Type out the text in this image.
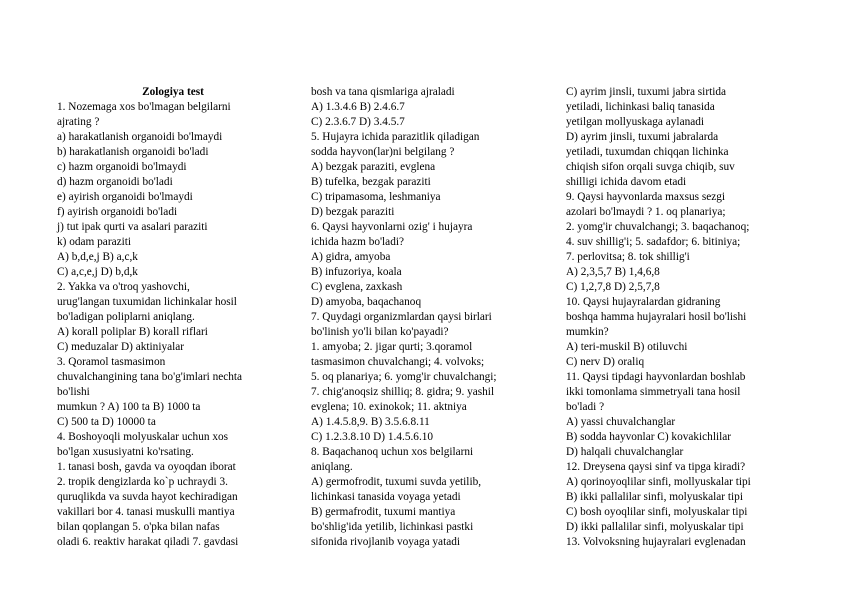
Zologiya test
1. Nozemaga xos bo'lmagan belgilarni
ajrating ?
a) harakatlanish organoidi bo'lmaydi
b) harakatlanish organoidi bo'ladi
c) hazm organoidi bo'lmaydi
d) hazm organoidi bo'ladi
e) ayirish organoidi bo'lmaydi
f) ayirish organoidi bo'ladi
j) tut ipak qurti va asalari paraziti
k) odam paraziti
A) b,d,e,j B) a,c,k
C) a,c,e,j D) b,d,k
2. Yakka va o'troq yashovchi,
urug'langan tuxumidan lichinkalar hosil
bo'ladigan poliplarni aniqlang.
A) korall poliplar B) korall riflari
C) meduzalar D) aktiniyalar
3. Qoramol tasmasimon
chuvalchangining tana bo'g'imlari nechta
bo'lishi
mumkun ? A) 100 ta B) 1000 ta
C) 500 ta D) 10000 ta
4. Boshoyoqli molyuskalar uchun xos
bo'lgan xususiyatni ko'rsating.
1. tanasi bosh, gavda va oyoqdan iborat
2. tropik dengizlarda ko`p uchraydi 3.
quruqlikda va suvda hayot kechiradigan
vakillari bor 4. tanasi muskulli mantiya
bilan qoplangan 5. o'pka bilan nafas
oladi 6. reaktiv harakat qiladi 7. gavdasi
bosh va tana qismlariga ajraladi
A) 1.3.4.6 B) 2.4.6.7
C) 2.3.6.7 D) 3.4.5.7
5. Hujayra ichida parazitlik qiladigan
sodda hayvon(lar)ni belgilang ?
A) bezgak paraziti, evglena
B) tufelka, bezgak paraziti
C) tripamasoma, leshmaniya
D) bezgak paraziti
6. Qaysi hayvonlarni ozig' i hujayra
ichida hazm bo'ladi?
A) gidra, amyoba
B) infuzoriya, koala
C) evglena, zaxkash
D) amyoba, baqachanoq
7. Quydagi organizmlardan qaysi birlari
bo'linish yo'li bilan ko'payadi?
1. amyoba; 2. jigar qurti; 3.qoramol
tasmasimon chuvalchangi; 4. volvoks;
5. oq planariya; 6. yomg'ir chuvalchangi;
7. chig'anoqsiz shilliq; 8. gidra; 9. yashil
evglena; 10. exinokok; 11. aktniya
A) 1.4.5.8,9. B) 3.5.6.8.11
C) 1.2.3.8.10 D) 1.4.5.6.10
8. Baqachanoq uchun xos belgilarni
aniqlang.
A) germofrodit, tuxumi suvda yetilib,
lichinkasi tanasida voyaga yetadi
B) germafrodit, tuxumi mantiya
bo'shlig'ida yetilib, lichinkasi pastki
sifonida rivojlanib voyaga yatadi
C) ayrim jinsli, tuxumi jabra sirtida
yetiladi, lichinkasi baliq tanasida
yetilgan mollyuskaga aylanadi
D) ayrim jinsli, tuxumi jabralarda
yetiladi, tuxumdan chiqqan lichinka
chiqish sifon orqali suvga chiqib, suv
shilligi ichida davom etadi
9. Qaysi hayvonlarda maxsus sezgi
azolari bo'lmaydi ? 1. oq planariya;
2. yomg'ir chuvalchangi; 3. baqachanoq;
4. suv shillig'i; 5. sadafdor; 6. bitiniya;
7. perlovitsa; 8. tok shillig'i
A) 2,3,5,7 B) 1,4,6,8
C) 1,2,7,8 D) 2,5,7,8
10. Qaysi hujayralardan gidraning
boshqa hamma hujayralari hosil bo'lishi
mumkin?
A) teri-muskil B) otiluvchi
C) nerv D) oraliq
11. Qaysi tipdagi hayvonlardan boshlab
ikki tomonlama simmetryali tana hosil
bo'ladi ?
A) yassi chuvalchanglar
B) sodda hayvonlar C) kovakichlilar
D) halqali chuvalchanglar
12. Dreysena qaysi sinf va tipga kiradi?
A) qorinoyoqlilar sinfi, mollyuskalar tipi
B) ikki pallalilar sinfi, molyuskalar tipi
C) bosh oyoqlilar sinfi, molyuskalar tipi
D) ikki pallalilar sinfi, molyuskalar tipi
13. Volvoksning hujayralari evglenadan
